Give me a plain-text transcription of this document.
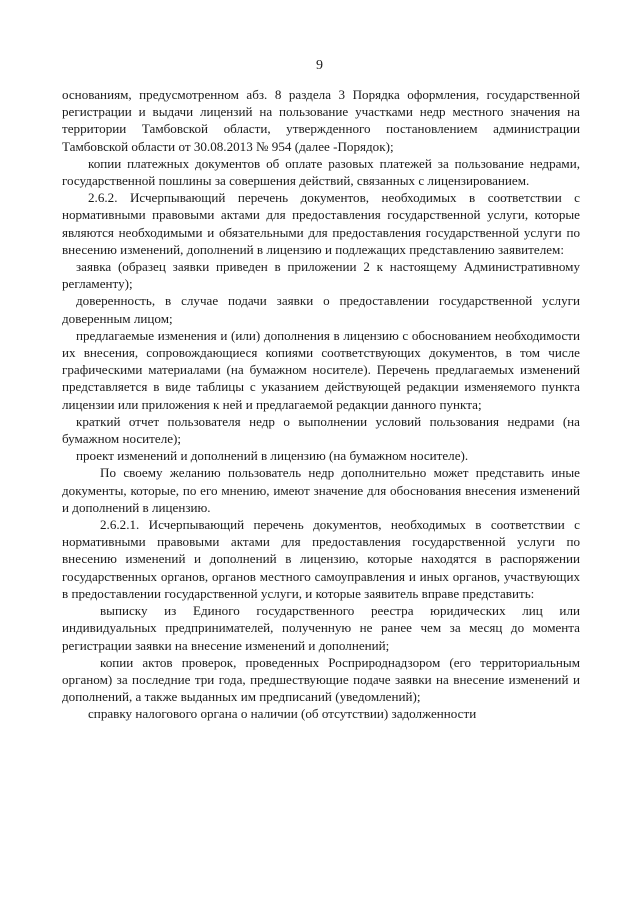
9

основаниям, предусмотренном абз. 8 раздела 3 Порядка оформления, государственной регистрации и выдачи лицензий на пользование участками недр местного значения на территории Тамбовской области, утвержденного постановлением администрации Тамбовской области от 30.08.2013 № 954 (далее -Порядок);

копии платежных документов об оплате разовых платежей за пользование недрами, государственной пошлины за совершения действий, связанных с лицензированием.

2.6.2. Исчерпывающий перечень документов, необходимых в соответствии с нормативными правовыми актами для предоставления государственной услуги, которые являются необходимыми и обязательными для предоставления государственной услуги по внесению изменений, дополнений в лицензию и подлежащих представлению заявителем:

заявка (образец заявки приведен в приложении 2 к настоящему Административному регламенту);

доверенность, в случае подачи заявки о предоставлении государственной услуги доверенным лицом;

предлагаемые изменения и (или) дополнения в лицензию с обоснованием необходимости их внесения, сопровождающиеся копиями соответствующих документов, в том числе графическими материалами (на бумажном носителе). Перечень предлагаемых изменений представляется в виде таблицы с указанием действующей редакции изменяемого пункта лицензии или приложения к ней и предлагаемой редакции данного пункта;

краткий отчет пользователя недр о выполнении условий пользования недрами (на бумажном носителе);

проект изменений и дополнений в лицензию (на бумажном носителе).

По своему желанию пользователь недр дополнительно может представить иные документы, которые, по его мнению, имеют значение для обоснования внесения изменений и дополнений в лицензию.

2.6.2.1. Исчерпывающий перечень документов, необходимых в соответствии с нормативными правовыми актами для предоставления государственной услуги по внесению изменений и дополнений в лицензию, которые находятся в распоряжении государственных органов, органов местного самоуправления и иных органов, участвующих в предоставлении государственной услуги, и которые заявитель вправе представить:

выписку из Единого государственного реестра юридических лиц или индивидуальных предпринимателей, полученную не ранее чем за месяц до момента регистрации заявки на внесение изменений и дополнений;

копии актов проверок, проведенных Росприроднадзором (его территориальным органом) за последние три года, предшествующие подаче заявки на внесение изменений и дополнений, а также выданных им предписаний (уведомлений);

справку налогового органа о наличии (об отсутствии) задолженности
